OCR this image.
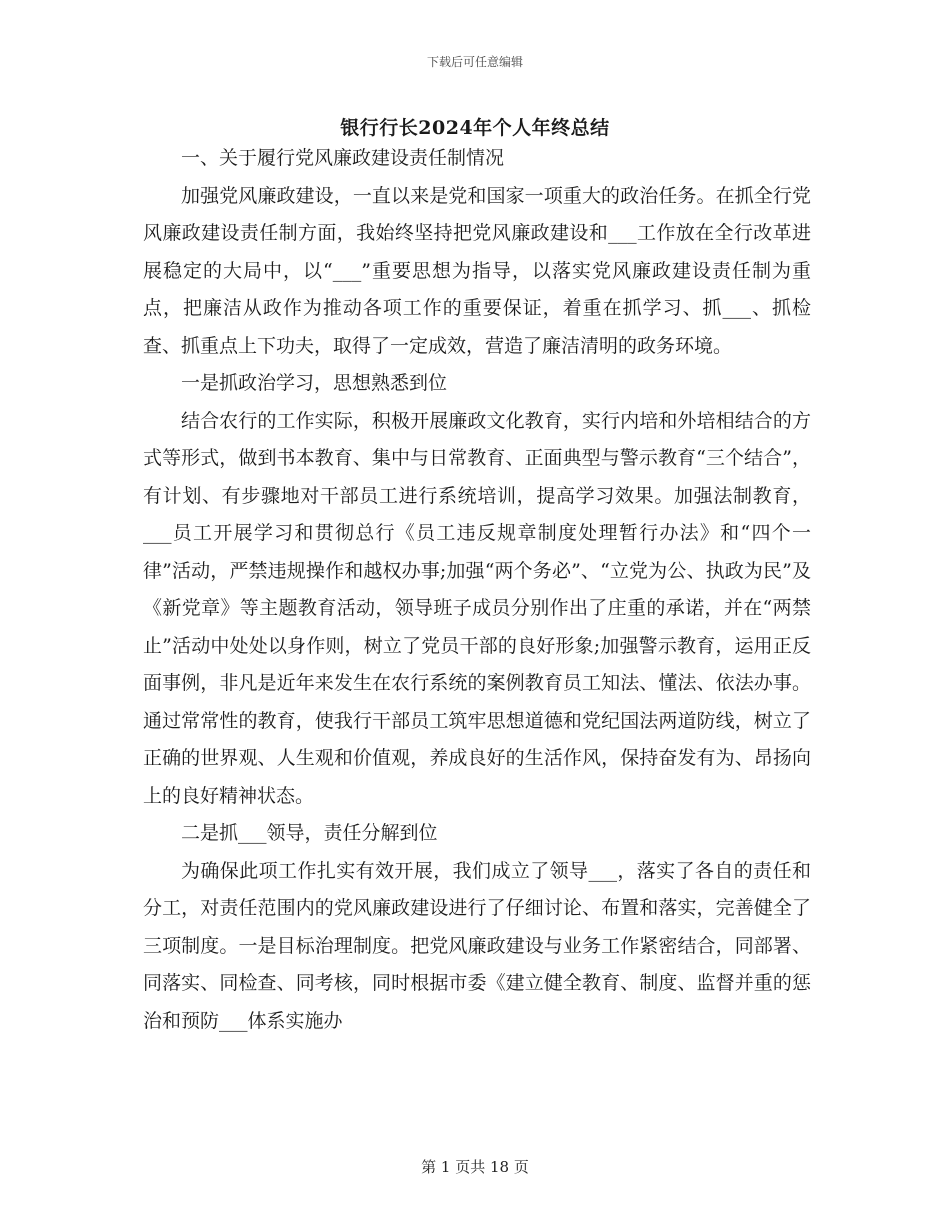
下载后可任意编辑
银行行长2024年个人年终总结

一、关于履行党风廉政建设责任制情况

加强党风廉政建设，一直以来是党和国家一项重大的政治任务。在抓全行党风廉政建设责任制方面，我始终坚持把党风廉政建设和___工作放在全行改革进展稳定的大局中，以“___”重要思想为指导，以落实党风廉政建设责任制为重点，把廉洁从政作为推动各项工作的重要保证，着重在抓学习、抓___、抓检查、抓重点上下功夫，取得了一定成效，营造了廉洁清明的政务环境。

一是抓政治学习，思想熟悉到位

结合农行的工作实际，积极开展廉政文化教育，实行内培和外培相结合的方式等形式，做到书本教育、集中与日常教育、正面典型与警示教育“三个结合”，有计划、有步骤地对干部员工进行系统培训，提高学习效果。加强法制教育，___员工开展学习和贯彻总行《员工违反规章制度处理暂行办法》和“四个一律”活动，严禁违规操作和越权办事;加强“两个务必”、“立党为公、执政为民”及《新党章》等主题教育活动，领导班子成员分别作出了庄重的承诺，并在“两禁止”活动中处处以身作则，树立了党员干部的良好形象;加强警示教育，运用正反面事例，非凡是近年来发生在农行系统的案例教育员工知法、懂法、依法办事。通过常常性的教育，使我行干部员工筑牢思想道德和党纪国法两道防线，树立了正确的世界观、人生观和价值观，养成良好的生活作风，保持奋发有为、昂扬向上的良好精神状态。

二是抓___领导，责任分解到位

为确保此项工作扎实有效开展，我们成立了领导___，落实了各自的责任和分工，对责任范围内的党风廉政建设进行了仔细讨论、布置和落实，完善健全了三项制度。一是目标治理制度。把党风廉政建设与业务工作紧密结合，同部署、同落实、同检查、同考核，同时根据市委《建立健全教育、制度、监督并重的惩治和预防___体系实施办

第 1 页共 18 页
